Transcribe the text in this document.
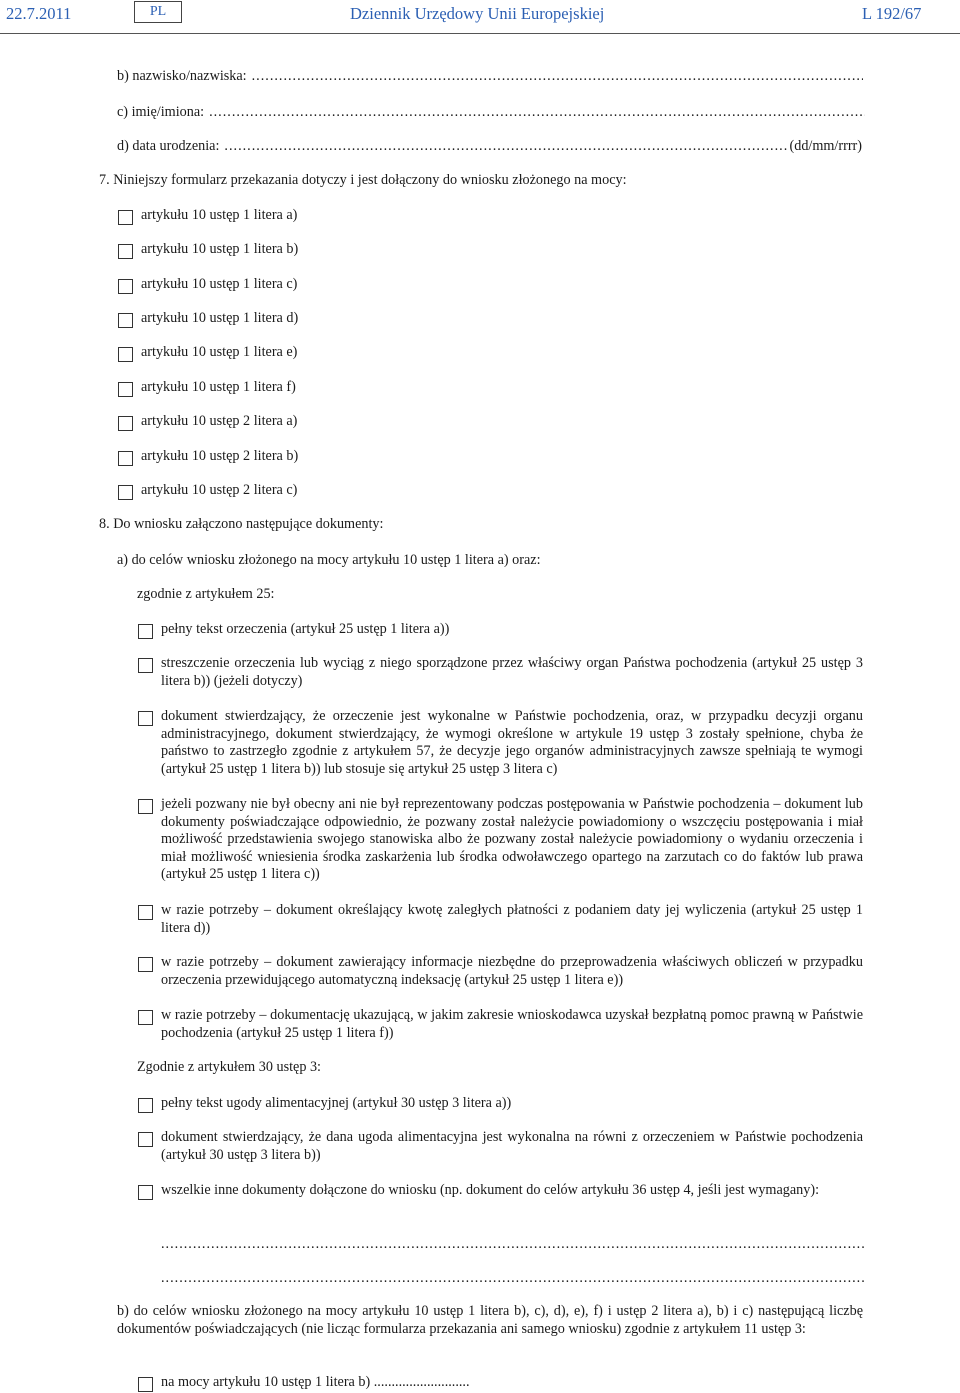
22.7.2011	PL	Dziennik Urzędowy Unii Europejskiej	L 192/67
b) nazwisko/nazwiska:
.....
c) imię/imiona:
.....
d) data urodzenia:
.....	(dd/mm/rrrr)
7. Niniejszy formularz przekazania dotyczy i jest dołączony do wniosku złożonego na mocy:
artykułu 10 ustęp 1 litera a)
artykułu 10 ustęp 1 litera b)
artykułu 10 ustęp 1 litera c)
artykułu 10 ustęp 1 litera d)
artykułu 10 ustęp 1 litera e)
artykułu 10 ustęp 1 litera f)
artykułu 10 ustęp 2 litera a)
artykułu 10 ustęp 2 litera b)
artykułu 10 ustęp 2 litera c)
8. Do wniosku załączono następujące dokumenty:
a) do celów wniosku złożonego na mocy artykułu 10 ustęp 1 litera a) oraz:
zgodnie z artykułem 25:
pełny tekst orzeczenia (artykuł 25 ustęp 1 litera a))
streszczenie orzeczenia lub wyciąg z niego sporządzone przez właściwy organ Państwa pochodzenia (artykuł 25 ustęp 3 litera b)) (jeżeli dotyczy)
dokument stwierdzający, że orzeczenie jest wykonalne w Państwie pochodzenia, oraz, w przypadku decyzji organu administracyjnego, dokument stwierdzający, że wymogi określone w artykule 19 ustęp 3 zostały spełnione, chyba że państwo to zastrzegło zgodnie z artykułem 57, że decyzje jego organów administracyjnych zawsze spełniają te wymogi (artykuł 25 ustęp 1 litera b)) lub stosuje się artykuł 25 ustęp 3 litera c)
jeżeli pozwany nie był obecny ani nie był reprezentowany podczas postępowania w Państwie pochodzenia – dokument lub dokumenty poświadczające odpowiednio, że pozwany został należycie powiadomiony o wszczęciu postępowania i miał możliwość przedstawienia swojego stanowiska albo że pozwany został należycie powiadomiony o wydaniu orzeczenia i miał możliwość wniesienia środka zaskarżenia lub środka odwoławczego opartego na zarzutach co do faktów lub prawa (artykuł 25 ustęp 1 litera c))
w razie potrzeby – dokument określający kwotę zaległych płatności z podaniem daty jej wyliczenia (artykuł 25 ustęp 1 litera d))
w razie potrzeby – dokument zawierający informacje niezbędne do przeprowadzenia właściwych obliczeń w przypadku orzeczenia przewidującego automatyczną indeksację (artykuł 25 ustęp 1 litera e))
w razie potrzeby – dokumentację ukazującą, w jakim zakresie wnioskodawca uzyskał bezpłatną pomoc prawną w Państwie pochodzenia (artykuł 25 ustęp 1 litera f))
Zgodnie z artykułem 30 ustęp 3:
pełny tekst ugody alimentacyjnej (artykuł 30 ustęp 3 litera a))
dokument stwierdzający, że dana ugoda alimentacyjna jest wykonalna na równi z orzeczeniem w Państwie pochodzenia (artykuł 30 ustęp 3 litera b))
wszelkie inne dokumenty dołączone do wniosku (np. dokument do celów artykułu 36 ustęp 4, jeśli jest wymagany):
.....
.....
b) do celów wniosku złożonego na mocy artykułu 10 ustęp 1 litera b), c), d), e), f) i ustęp 2 litera a), b) i c) następującą liczbę dokumentów poświadczających (nie licząc formularza przekazania ani samego wniosku) zgodnie z artykułem 11 ustęp 3:
na mocy artykułu 10 ustęp 1 litera b) ...........................
